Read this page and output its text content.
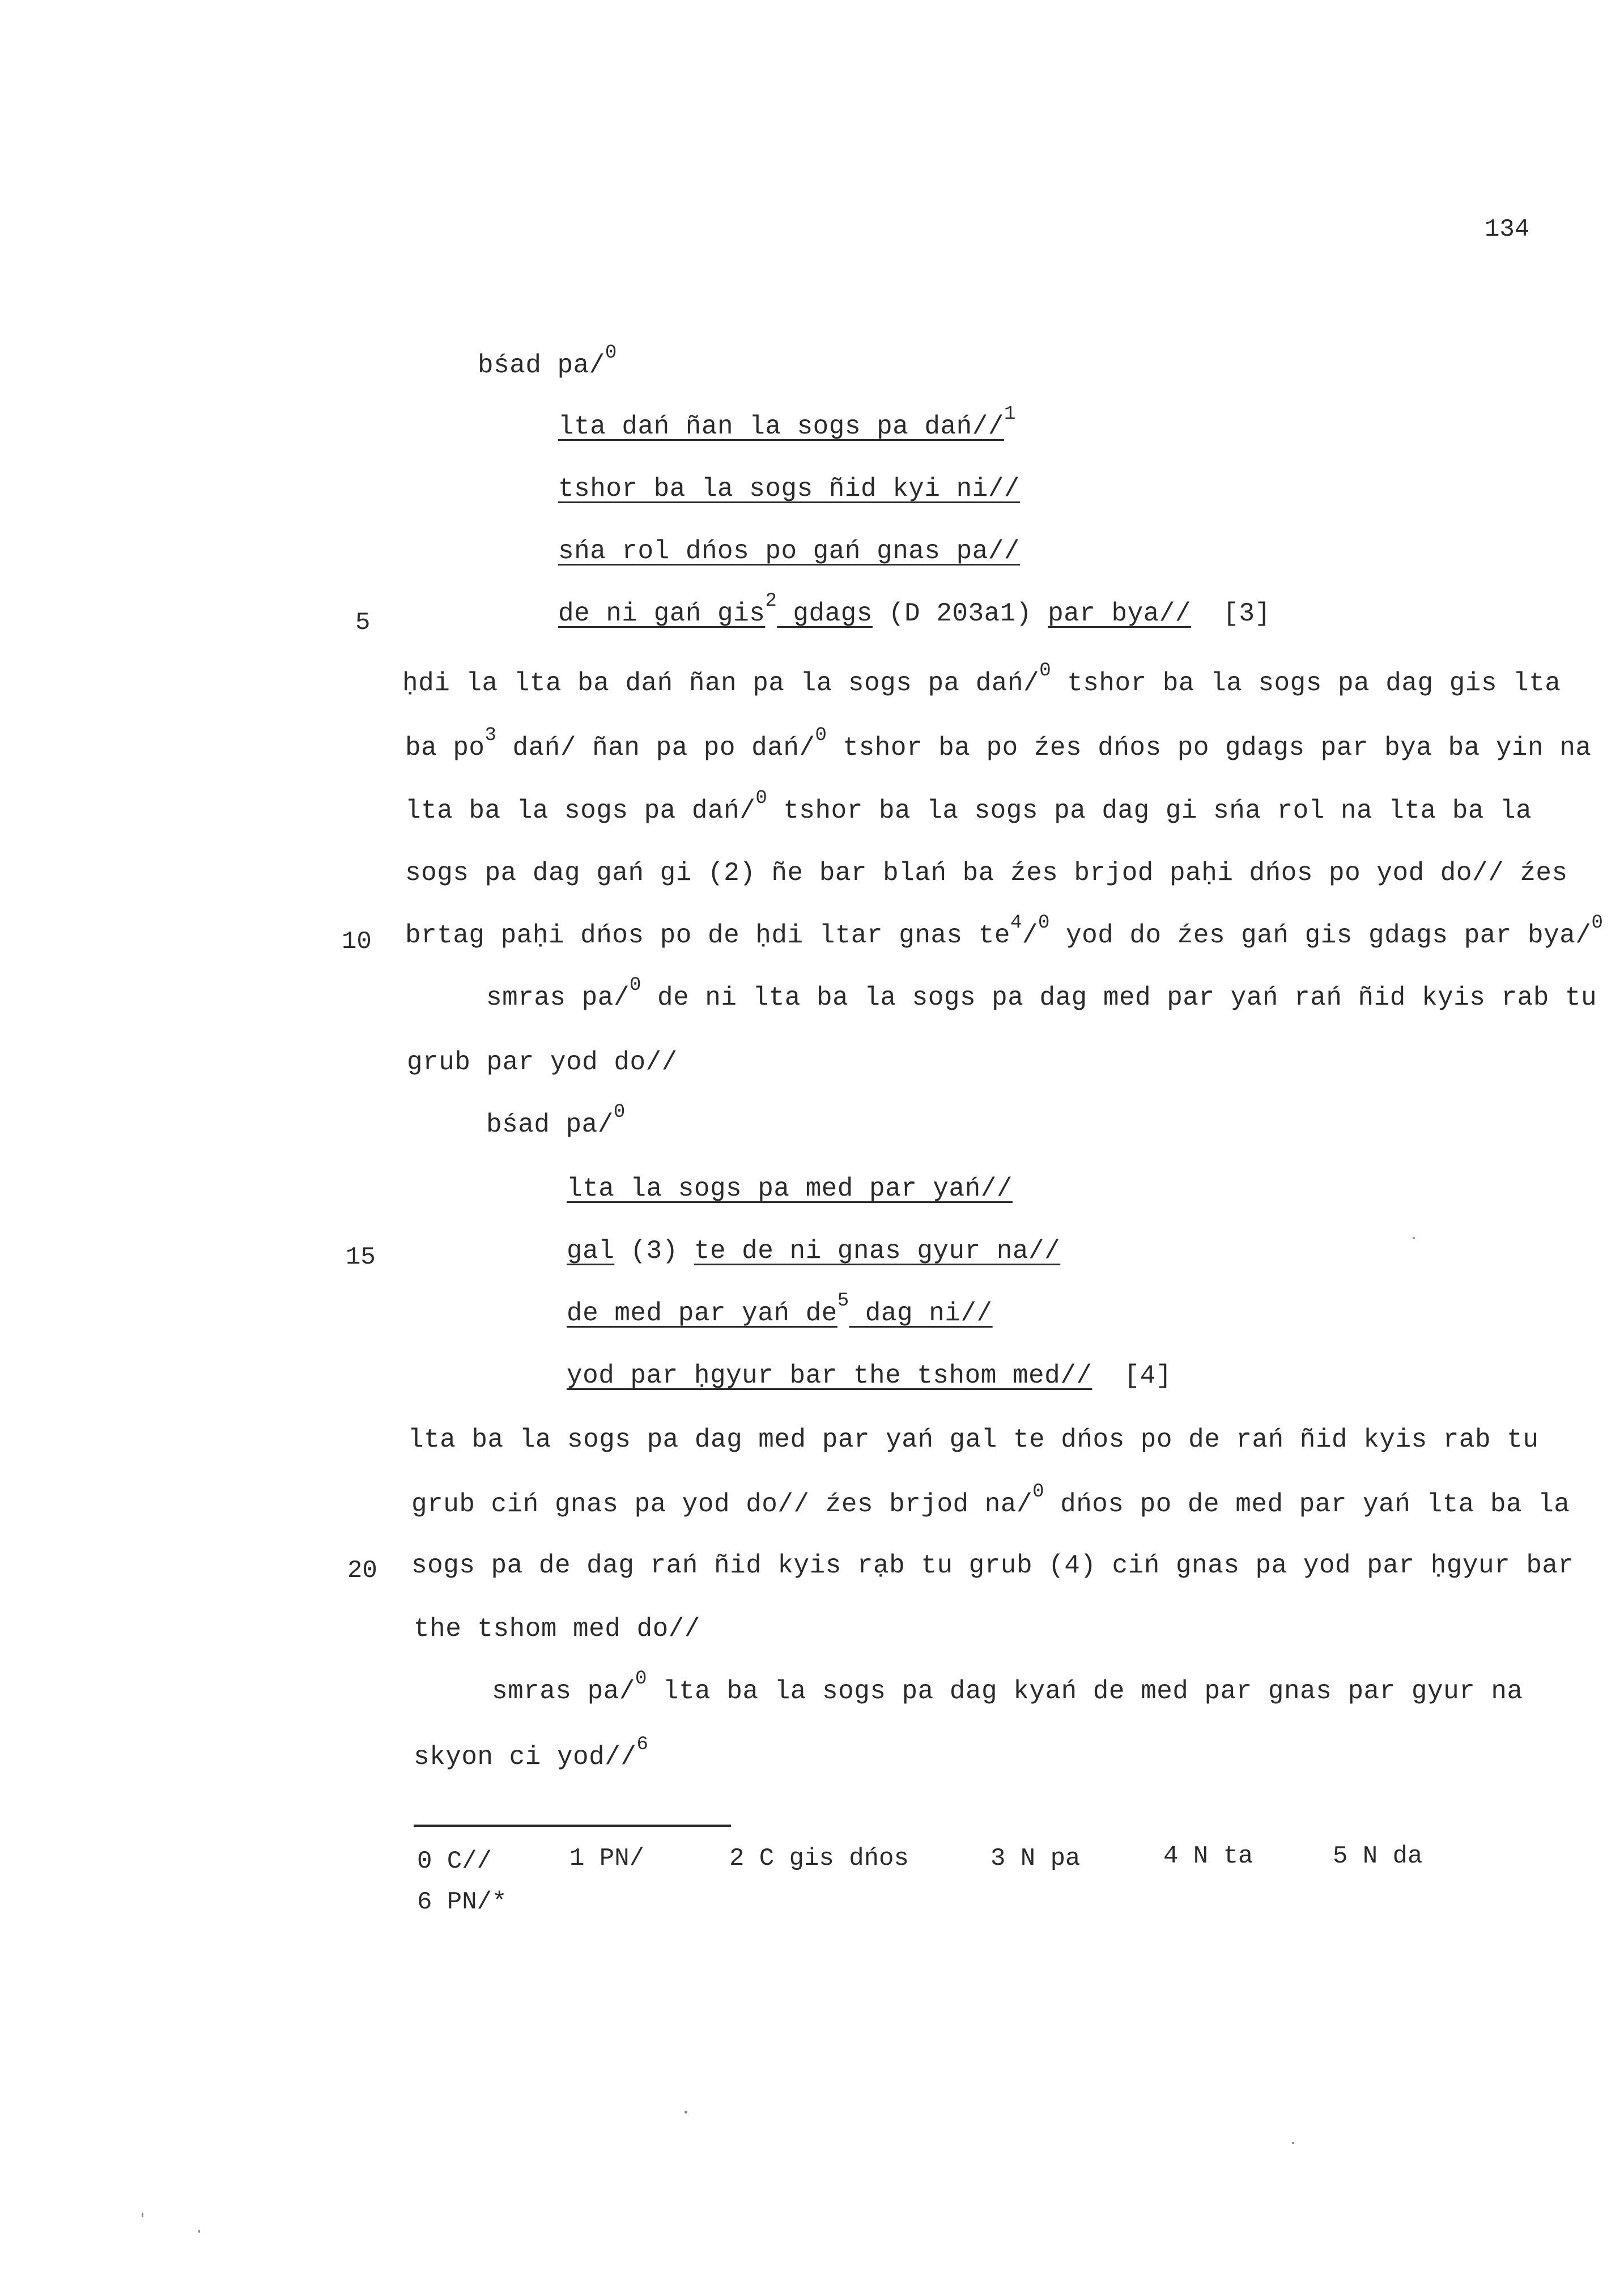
134
bśad pa/$^0$
lta dań ñan la sogs pa dań//$^1$
tshor ba la sogs ñid kyi ni//
sńa rol dńos po gań gnas pa//
5	de ni gań gis$^2$ gdags (D 203a1) par bya//  [3]
ḥdi la lta ba dań ñan pa la sogs pa dań/$^0$ tshor ba la sogs pa dag gis lta
ba $po^3$ dań/ ñan pa po dań/$^0$ tshor ba po źes dńos po gdags par bya ba yin na
lta ba la sogs pa dań/$^0$ tshor ba la sogs pa dag gi sńa rol na lta ba la
sogs pa dag gań gi (2) ñe bar blań ba źes brjod paḥi dńos po yod do// źes
10 brtag paḥi dńos po de ḥdi ltar gnas $te^4/^0$ yod do źes gań gis gdags par bya/$^0$
smras pa/$^0$ de ni lta ba la sogs pa dag med par yań rań ñid kyis rab tu
grub par yod do//
bśad pa/$^0$
lta la sogs pa med par yań//
15	gal (3) te de ni gnas gyur na//
de med par yań $de^5$ dag ni//
yod par ḥgyur bar the tshom med//  [4]
lta ba la sogs pa dag med par yań gal te dńos po de rań ñid kyis rab tu
grub ciń gnas pa yod do// źes brjod na/$^0$ dńos po de med par yań lta ba la
20 sogs pa de dag rań ñid kyis rạb tu grub (4) ciń gnas pa yod par ḥgyur bar
the tshom med do//
smras pa/$^0$ lta ba la sogs pa dag kyań de med par gnas par gyur na
skyon ci yod//$^6$
0 C//	1 PN/	2 C gis dńos	3 N pa	4 N ta	5 N da
6 PN/*
